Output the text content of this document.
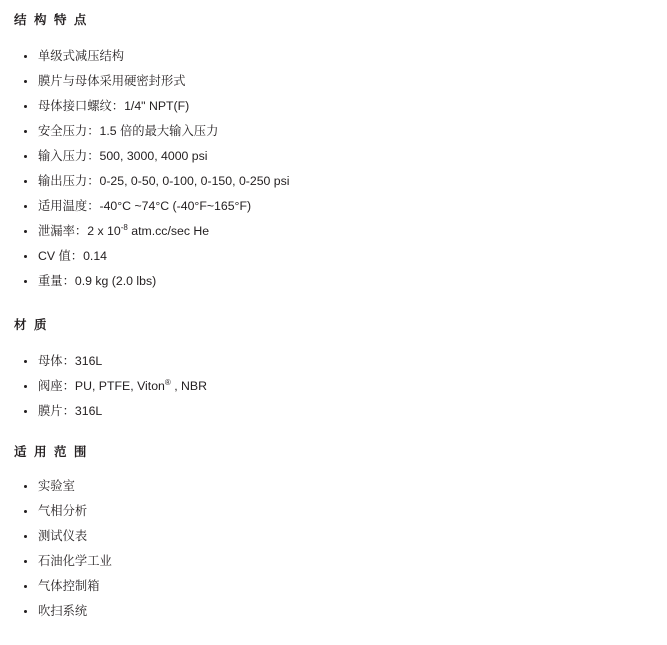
结 构 特 点
单级式减压结构
膜片与母体采用硬密封形式
母体接口螺纹：1/4" NPT(F)
安全压力：1.5 倍的最大输入压力
输入压力：500, 3000, 4000 psi
输出压力：0-25, 0-50, 0-100, 0-150, 0-250 psi
适用温度：-40°C ~74°C (-40°F~165°F)
泄漏率：2 x $10^{-8}$ atm.cc/sec He
CV 值：0.14
重量：0.9 kg (2.0 lbs)
材 质
母体：316L
阀座：PU, PTFE, Viton® , NBR
膜片：316L
适 用 范 围
实验室
气相分析
测试仪表
石油化学工业
气体控制箱
吹扫系统
